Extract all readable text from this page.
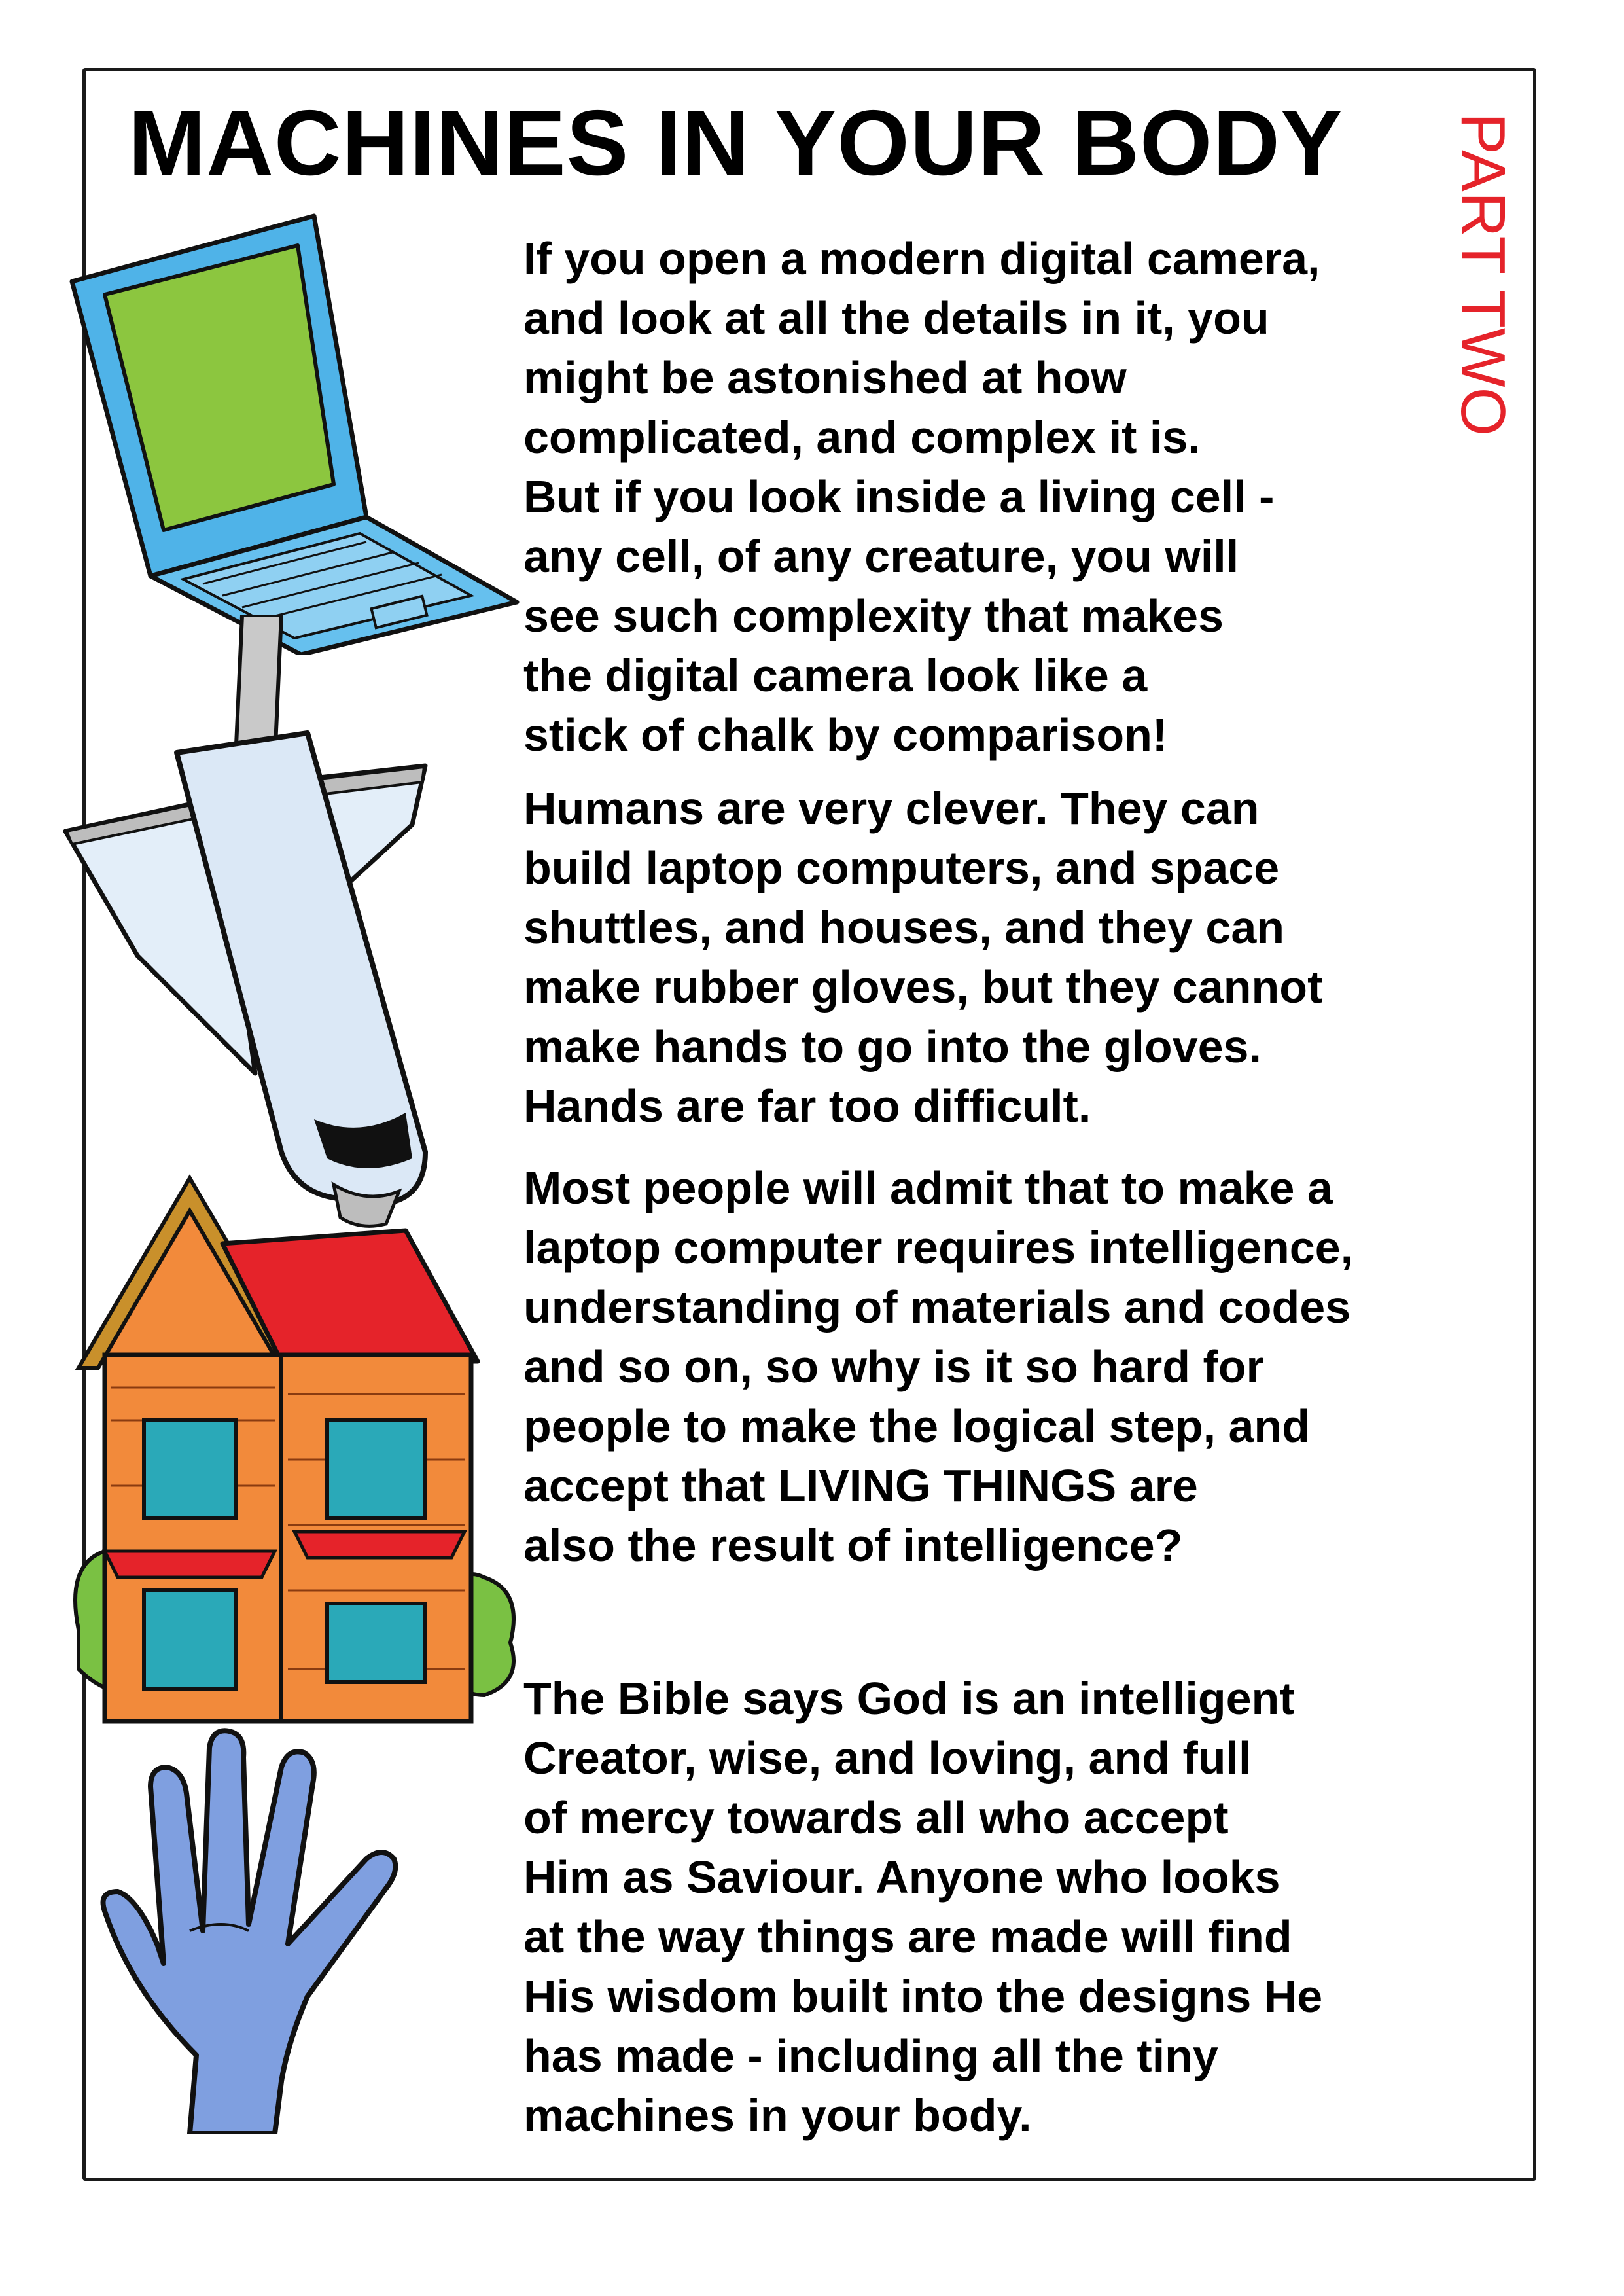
MACHINES IN YOUR BODY PART TWO
If you open a modern digital camera,
and look at all the details in it, you
might be astonished at how
complicated, and complex it is.
But if you look inside a living cell -
any cell, of any creature, you will
see such complexity that makes
the digital camera look like a
stick of chalk by comparison!
Humans are very clever. They can
build laptop computers, and space
shuttles, and houses, and they can
make rubber gloves, but they cannot
make hands to go into the gloves.
Hands are far too difficult.
Most people will admit that to make a
laptop computer requires intelligence,
understanding of materials and codes
and so on, so why is it so hard for
people to make the logical step, and
accept that LIVING THINGS are
also the result of intelligence?
The Bible says God is an intelligent
Creator, wise, and loving, and full
of mercy towards all who accept
Him as Saviour. Anyone who looks
at the way things are made will find
His wisdom built into the designs He
has made - including all the tiny
machines in your body.
